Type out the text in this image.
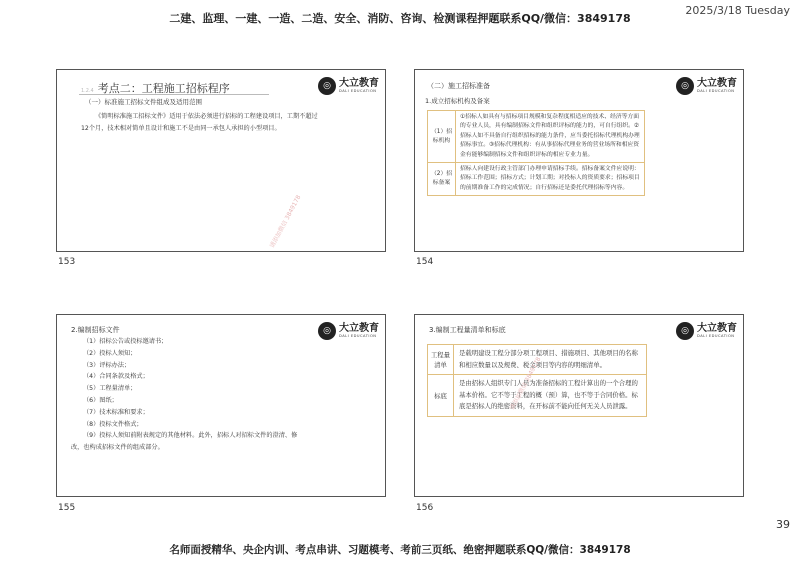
二建、监理、一建、一造、二造、安全、消防、咨询、检测课程押题联系QQ/微信：3849178
2025/3/18 Tuesday
1.2.4 考点二：工程施工招标程序	◎ 大立教育
DALI EDUCATION
（一）标准施工招标文件组成及适用范围
《简明标准施工招标文件》适用于依法必须进行招标的工程建设项目，工期不超过12个月，技术相对简单且设计和施工不是由同一承包人承担的小型项目。
请添加微信 3849178
153
（二）施工招标准备	◎ 大立教育
DALI EDUCATION
1.成立招标机构及备案
（1）招标机构	①招标人如具有与招标项目规模和复杂程度相适应的技术、经济等方面的专业人员，具有编制招标文件和组织评标的能力的，可自行组织。②招标人如不具备自行组织招标的能力条件，应当委托招标代理机构办理招标事宜。③招标代理机构：有从事招标代理业务的营业场所和相应资金有能够编制招标文件和组织评标的相应专业力量。
（2）招标备案	招标人向建设行政主管部门办理申请招标手续。招标备案文件应说明：招标工作范围；招标方式；计划工期；对投标人的资质要求；招标项目的前期准备工作的完成情况；自行招标还是委托代理招标等内容。
154
2.编制招标文件	◎ 大立教育
DALI EDUCATION
（1）招标公告或投标邀请书；
（2）投标人须知；
（3）评标办法；
（4）合同条款及格式；
（5）工程量清单；
（6）图纸；
（7）技术标准和要求；
（8）投标文件格式；
（9）投标人须知前附表规定的其他材料。此外，招标人对招标文件的澄清、修改，也构成招标文件的组成部分。
155
3.编制工程量清单和标底	◎ 大立教育
DALI EDUCATION
工程量清单	是载明建设工程分部分项工程项目、措施项目、其他项目的名称和相应数量以及规费、税金项目等内容的明细清单。
标底	是由招标人组织专门人员为准备招标的工程计算出的一个合理的基本价格。它不等于工程的概（预）算，也不等于合同价格。标底是招标人的绝密资料，在开标前不能向任何无关人员泄露。
请添加微信 3849178
156
39
名师面授精华、央企内训、考点串讲、习题模考、考前三页纸、绝密押题联系QQ/微信：3849178
